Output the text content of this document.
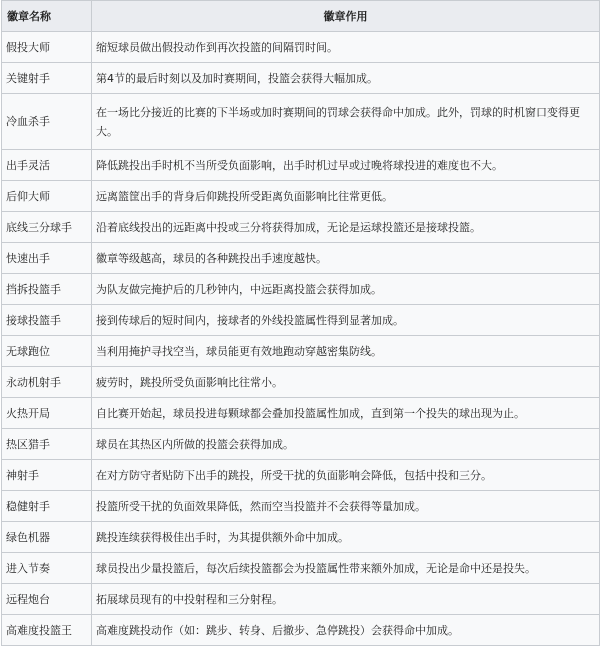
徽章名称	徽章作用
假投大师	缩短球员做出假投动作到再次投篮的间隔罚时间。
关键射手	第4节的最后时刻以及加时赛期间，投篮会获得大幅加成。
冷血杀手	在一场比分接近的比赛的下半场或加时赛期间的罚球会获得命中加成。此外，罚球的时机窗口变得更大。
出手灵活	降低跳投出手时机不当所受负面影响，出手时机过早或过晚将球投进的难度也不大。
后仰大师	远离篮筐出手的背身后仰跳投所受距离负面影响比往常更低。
底线三分球手	沿着底线投出的远距离中投或三分将获得加成，无论是运球投篮还是接球投篮。
快速出手	徽章等级越高，球员的各种跳投出手速度越快。
挡拆投篮手	为队友做完掩护后的几秒钟内，中远距离投篮会获得加成。
接球投篮手	接到传球后的短时间内，接球者的外线投篮属性得到显著加成。
无球跑位	当利用掩护寻找空当，球员能更有效地跑动穿越密集防线。
永动机射手	疲劳时，跳投所受负面影响比往常小。
火热开局	自比赛开始起，球员投进每颗球都会叠加投篮属性加成，直到第一个投失的球出现为止。
热区猎手	球员在其热区内所做的投篮会获得加成。
神射手	在对方防守者贴防下出手的跳投，所受干扰的负面影响会降低，包括中投和三分。
稳健射手	投篮所受干扰的负面效果降低，然而空当投篮并不会获得等量加成。
绿色机器	跳投连续获得极佳出手时，为其提供额外命中加成。
进入节奏	球员投出少量投篮后，每次后续投篮都会为投篮属性带来额外加成，无论是命中还是投失。
远程炮台	拓展球员现有的中投射程和三分射程。
高难度投篮王	高难度跳投动作（如：跳步、转身、后撤步、急停跳投）会获得命中加成。
